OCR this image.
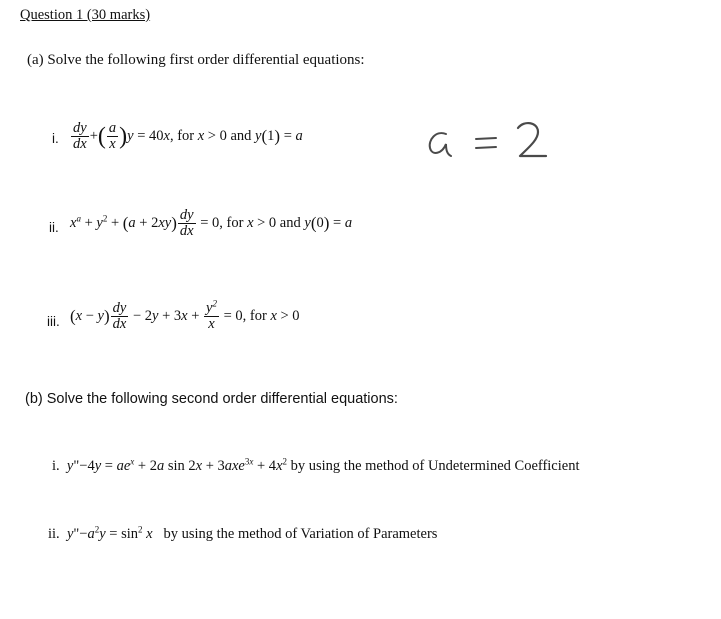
Question 1 (30 marks)
(a) Solve the following first order differential equations:
i. $\frac{dy}{dx}$ +( $\frac{a}{x} )y = 40x$, for x > 0 and y(1) = a
ii. $x^a + y^2 + (a + 2xy) \frac{dy}{dx} = 0$, for x > 0 and y(0) = a
iii. $(x - y) \frac{dy}{dx} - 2y + 3x + \frac{y^2}{x} = 0$, for x > 0
(b) Solve the following second order differential equations:
i. y"−4y = $ae^x + 2a$ $\sin 2x + 3axe^{3x} + 4x^2$ by using the method of Undetermined Coefficient
ii. $y"-a^2y = \sin^2 x$ by using the method of Variation of Parameters
